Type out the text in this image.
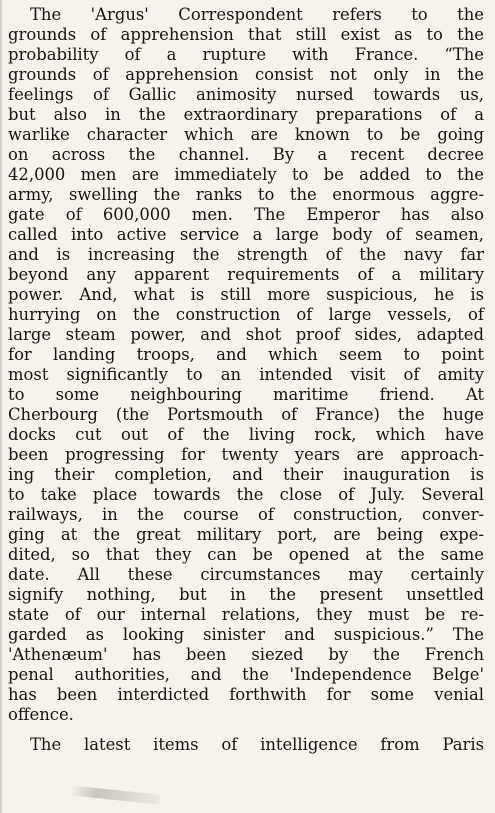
The 'Argus' Correspondent refers to the

grounds of apprehension that still exist as to the

probability of a rupture with France. “The

grounds of apprehension consist not only in the

feelings of Gallic animosity nursed towards us,

but also in the extraordinary preparations of a

warlike character which are known to be going

on across the channel. By a recent decree

42,000 men are immediately to be added to the

army, swelling the ranks to the enormous aggre-

gate of 600,000 men. The Emperor has also

called into active service a large body of seamen,

and is increasing the strength of the navy far

beyond any apparent requirements of a military

power. And, what is still more suspicious, he is

hurrying on the construction of large vessels, of

large steam power, and shot proof sides, adapted

for landing troops, and which seem to point

most significantly to an intended visit of amity

to some neighbouring maritime friend. At

Cherbourg (the Portsmouth of France) the huge

docks cut out of the living rock, which have

been progressing for twenty years are approach-

ing their completion, and their inauguration is

to take place towards the close of July. Several

railways, in the course of construction, conver-

ging at the great military port, are being expe-

dited, so that they can be opened at the same

date. All these circumstances may certainly

signify nothing, but in the present unsettled

state of our internal relations, they must be re-

garded as looking sinister and suspicious.” The

'Athenæum' has been siezed by the French

penal authorities, and the 'Independence Belge'

has been interdicted forthwith for some venial

offence.

The latest items of intelligence from Paris
